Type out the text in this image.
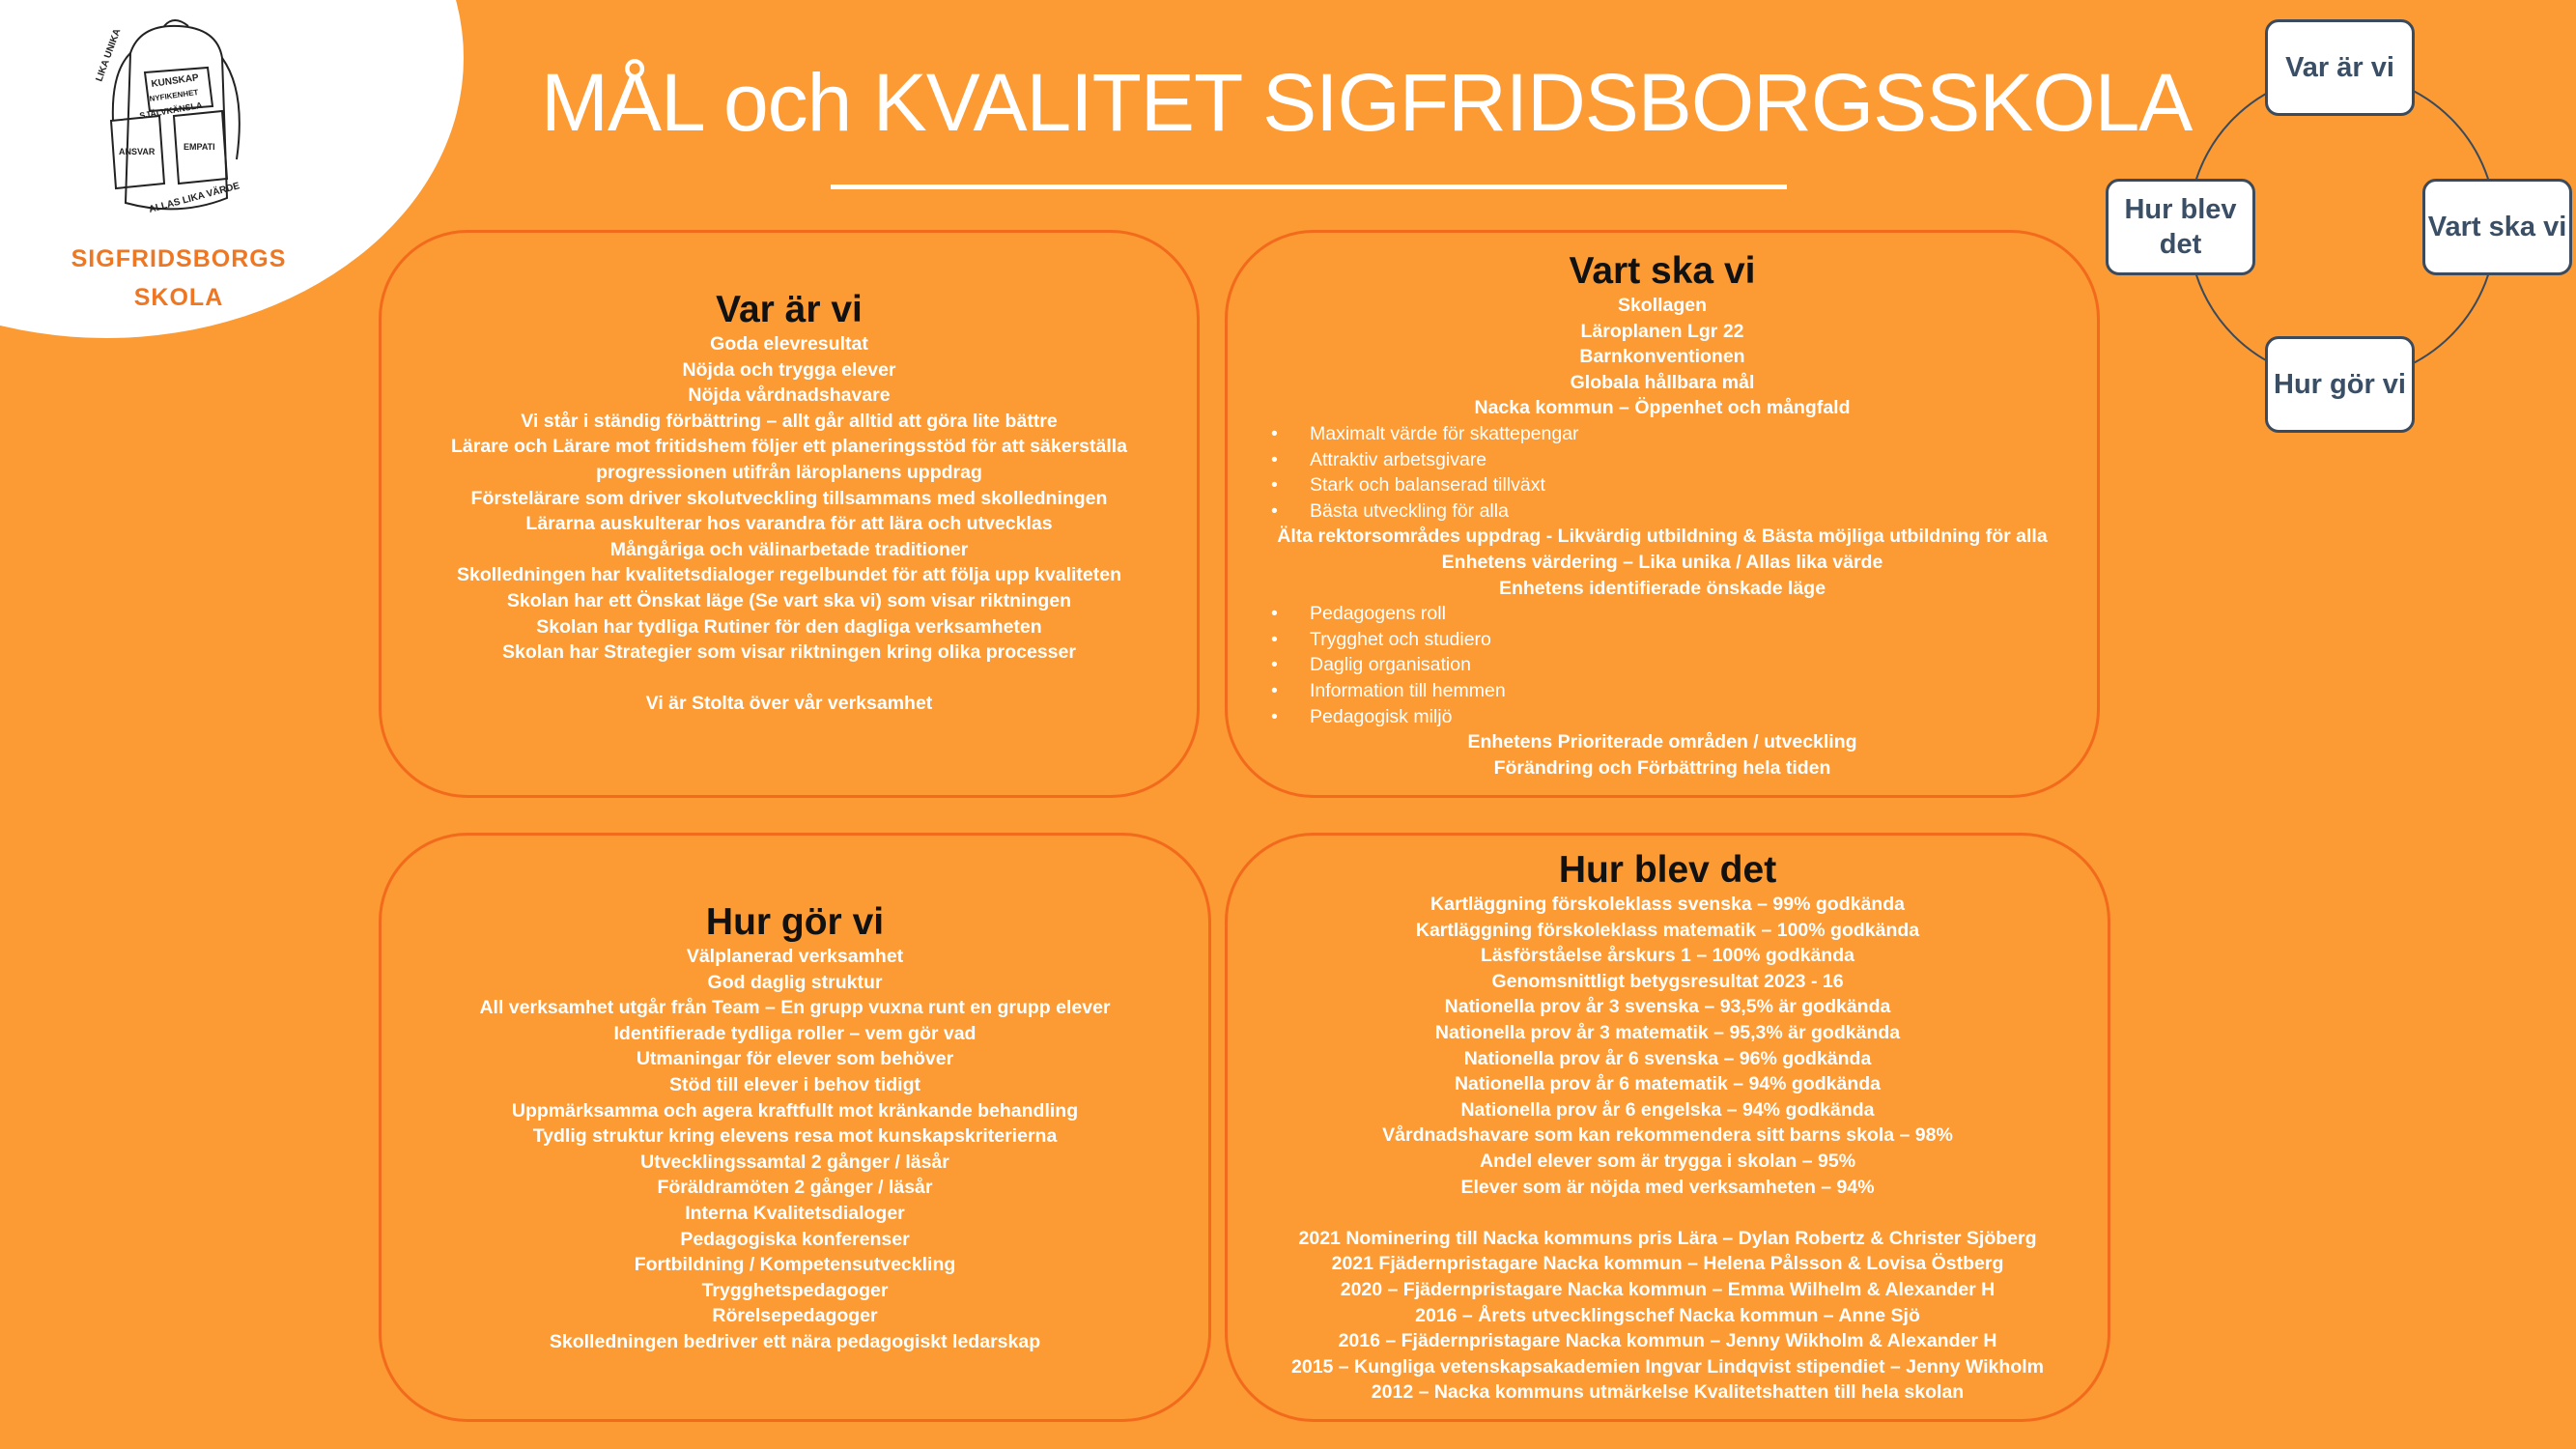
LIKA UNIKA	KUNSKAP
NYFIKENHET
SJÄLVKÄNSLA
ANSVAR	EMPATI
ALLAS LIKA VÄRDE
SIGFRIDSBORGS
SKOLA
MÅL och KVALITET SIGFRIDSBORGSSKOLA
Var är vi
Goda elevresultat
Nöjda och trygga elever
Nöjda vårdnadshavare
Vi står i ständig förbättring – allt går alltid att göra lite bättre
Lärare och Lärare mot fritidshem följer ett planeringsstöd för att säkerställa
progressionen utifrån läroplanens uppdrag
Förstelärare som driver skolutveckling tillsammans med skolledningen
Lärarna auskulterar hos varandra för att lära och utvecklas
Mångåriga och välinarbetade traditioner
Skolledningen har kvalitetsdialoger regelbundet för att följa upp kvaliteten
Skolan har ett Önskat läge (Se vart ska vi) som visar riktningen
Skolan har tydliga Rutiner för den dagliga verksamheten
Skolan har Strategier som visar riktningen kring olika processer
Vi är Stolta över vår verksamhet
Vart ska vi
Skollagen
Läroplanen Lgr 22
Barnkonventionen
Globala hållbara mål
Nacka kommun – Öppenhet och mångfald
• Maximalt värde för skattepengar
• Attraktiv arbetsgivare
• Stark och balanserad tillväxt
• Bästa utveckling för alla
Älta rektorsområdes uppdrag - Likvärdig utbildning & Bästa möjliga utbildning för alla
Enhetens värdering – Lika unika / Allas lika värde
Enhetens identifierade önskade läge
• Pedagogens roll
• Trygghet och studiero
• Daglig organisation
• Information till hemmen
• Pedagogisk miljö
Enhetens Prioriterade områden / utveckling
Förändring och Förbättring hela tiden
Hur gör vi
Välplanerad verksamhet
God daglig struktur
All verksamhet utgår från Team – En grupp vuxna runt en grupp elever
Identifierade tydliga roller – vem gör vad
Utmaningar för elever som behöver
Stöd till elever i behov tidigt
Uppmärksamma och agera kraftfullt mot kränkande behandling
Tydlig struktur kring elevens resa mot kunskapskriterierna
Utvecklingssamtal 2 gånger / läsår
Föräldramöten 2 gånger / läsår
Interna Kvalitetsdialoger
Pedagogiska konferenser
Fortbildning / Kompetensutveckling
Trygghetspedagoger
Rörelsepedagoger
Skolledningen bedriver ett nära pedagogiskt ledarskap
Hur blev det
Kartläggning förskoleklass svenska – 99% godkända
Kartläggning förskoleklass matematik – 100% godkända
Läsförståelse årskurs 1 – 100% godkända
Genomsnittligt betygsresultat 2023 - 16
Nationella prov år 3 svenska – 93,5% är godkända
Nationella prov år 3 matematik – 95,3% är godkända
Nationella prov år 6 svenska – 96% godkända
Nationella prov år 6 matematik – 94% godkända
Nationella prov år 6 engelska – 94% godkända
Vårdnadshavare som kan rekommendera sitt barns skola – 98%
Andel elever som är trygga i skolan – 95%
Elever som är nöjda med verksamheten – 94%
2021 Nominering till Nacka kommuns pris Lära – Dylan Robertz & Christer Sjöberg
2021 Fjädernpristagare Nacka kommun – Helena Pålsson & Lovisa Östberg
2020 – Fjädernpristagare Nacka kommun – Emma Wilhelm & Alexander H
2016 – Årets utvecklingschef Nacka kommun – Anne Sjö
2016 – Fjädernpristagare Nacka kommun – Jenny Wikholm & Alexander H
2015 – Kungliga vetenskapsakademien Ingvar Lindqvist stipendiet – Jenny Wikholm
2012 – Nacka kommuns utmärkelse Kvalitetshatten till hela skolan
Var är vi
Vart ska vi
Hur gör vi
Hur blev det
